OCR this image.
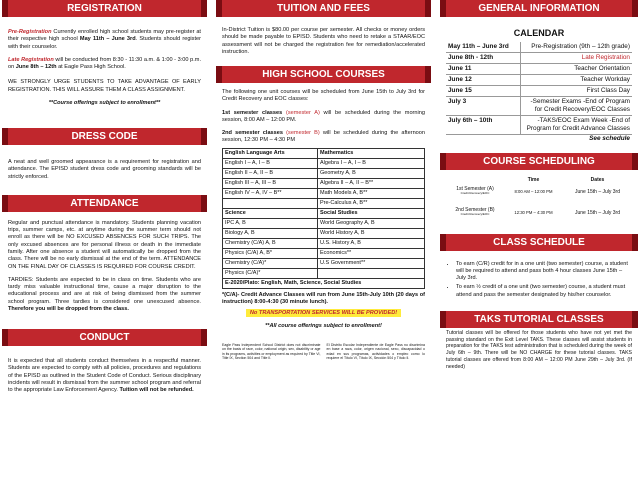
REGISTRATION

Pre-Registration Currently enrolled high school students may pre-register at their respective high school May 11th – June 3rd. Students should register with their counselor.

Late Registration will be conducted from 8:30 - 11:30 a.m. & 1:00 - 3:00 p.m. on June 8th – 12th at Eagle Pass High School.

WE STRONGLY URGE STUDENTS TO TAKE ADVANTAGE OF EARLY REGISTRATION. THIS WILL ASSURE THEM A CLASS ASSIGNMENT.

**Course offerings subject to enrollment**

DRESS CODE

A neat and well groomed appearance is a requirement for registration and attendance. The EPISD student dress code and grooming standards will be strictly enforced.

ATTENDANCE

Regular and punctual attendance is mandatory. Students planning vacation trips, summer camps, etc. at anytime during the summer term should not enroll as there will be NO EXCUSED ABSENCES FOR SUCH TRIPS. The only excused absences are for personal illness or death in the immediate family. After one absence a student will automatically be dropped from the class. There will be no early dismissal at the end of the term. ATTENDANCE ON THE FINAL DAY OF CLASSES IS REQUIRED FOR COURSE CREDIT.

TARDIES: Students are expected to be in class on time. Students who are tardy miss valuable instructional time, cause a major disruption to the educational process and are at risk of being dismissed from the summer school program. Three tardies is considered one unexcused absence. Therefore you will be dropped from the class.

CONDUCT

It is expected that all students conduct themselves in a respectful manner. Students are expected to comply with all policies, procedures and regulations of the EPISD as outlined in the Student Code of Conduct. Serious disciplinary incidents will result in dismissal from the summer school program and referral to the appropriate Law Enforcement Agency. Tuition will not be refunded.

TUITION AND FEES

In-District Tuition is $80.00 per course per semester. All checks or money orders should be made payable to EPISD. Students who need to retake a STAAR/EOC assessment will not be charged the registration fee for remediation/accelerated instruction.

HIGH SCHOOL COURSES

The following one unit courses will be scheduled from June 15th to July 3rd for Credit Recovery and EOC classes:

1st semester classes (semester A) will be scheduled during the morning session, 8:00 AM – 12:00 PM.

2nd semester classes (semester B) will be scheduled during the afternoon session, 12:30 PM – 4:30 PM

English Language Arts	Mathematics
English I – A, I – B	Algebra I – A, I – B
English II – A, II – B	Geometry A, B
English III – A, III – B	Algebra II – A, II – B**
English IV – A, IV – B**	Math Models A, B**
	Pre-Calculus A, B**
Science	Social Studies
IPC A, B	World Geography A, B
Biology A, B	World History A, B
Chemistry (C/A) A, B	U.S. History A, B
Physics (C/A) A, B*	Economics**
Chemistry (C/A)*	U.S Government**
Physics (C/A)*	
E-2020/Plato: English, Math, Science, Social Studies	

*(C/A)- Credit Advance Classes will run from June 15th-July 10th (20 days of instruction) 8:00-4:30 (30 minute lunch).

No TRANSPORTATION SERVICES WILL BE PROVIDED!

**All course offerings subject to enrollment!

Eagle Pass Independent School District does not discriminate on the basis of race, color, national origin, sex, disability or age in its programs, activities or employment as required by Title VI, Title IX, Section 504 and Title II.

El Distrito Escolar Independiente de Eagle Pass no discrimina en base a raza, color, origen nacional, sexo, discapacidad o edad en sus programas, actividades o empleo como lo requiere el Título VI, Título IX, Sección 504 y Título II.

GENERAL INFORMATION
CALENDAR
May 11th – June 3rd	Pre-Registration (9th – 12th grade)
June 8th - 12th	Late Registration
June 11	Teacher Orientation
June 12	Teacher Workday
June 15	First Class Day
July 3	-Semester Exams -End of Program for Credit Recovery/EOC Classes
July 6th – 10th	-TAKS/EOC Exam Week -End of Program for Credit Advance Classes
See schedule
COURSE SCHEDULING
	Time	Dates

1st Semester (A)
Credit Recovery/EOC	8:00 AM – 12:00 PM	June 15th – July 3rd

2nd Semester (B)
Credit Recovery/EOC	12:30 PM – 4:30 PM	June 15th – July 3rd
CLASS SCHEDULE
• To earn (C/R) credit for in a one unit (two semester) course, a student will be required to attend and pass both 4 hour classes June 15th – July 3rd.
• To earn ½ credit of a one unit (two semester) course, a student must attend and pass the semester designated by his/her counselor.
TAKS TUTORIAL CLASSES

Tutorial classes will be offered for those students who have not yet met the passing standard on the Exit Level TAKS. These classes will assist students in preparation for the TAKS test administration that is scheduled during the week of July 6th – 9th. There will be NO CHARGE for these tutorial classes. TAKS tutorial classes are offered from 8:00 AM – 12:00 PM June 29th – July 3rd. (If needed)
